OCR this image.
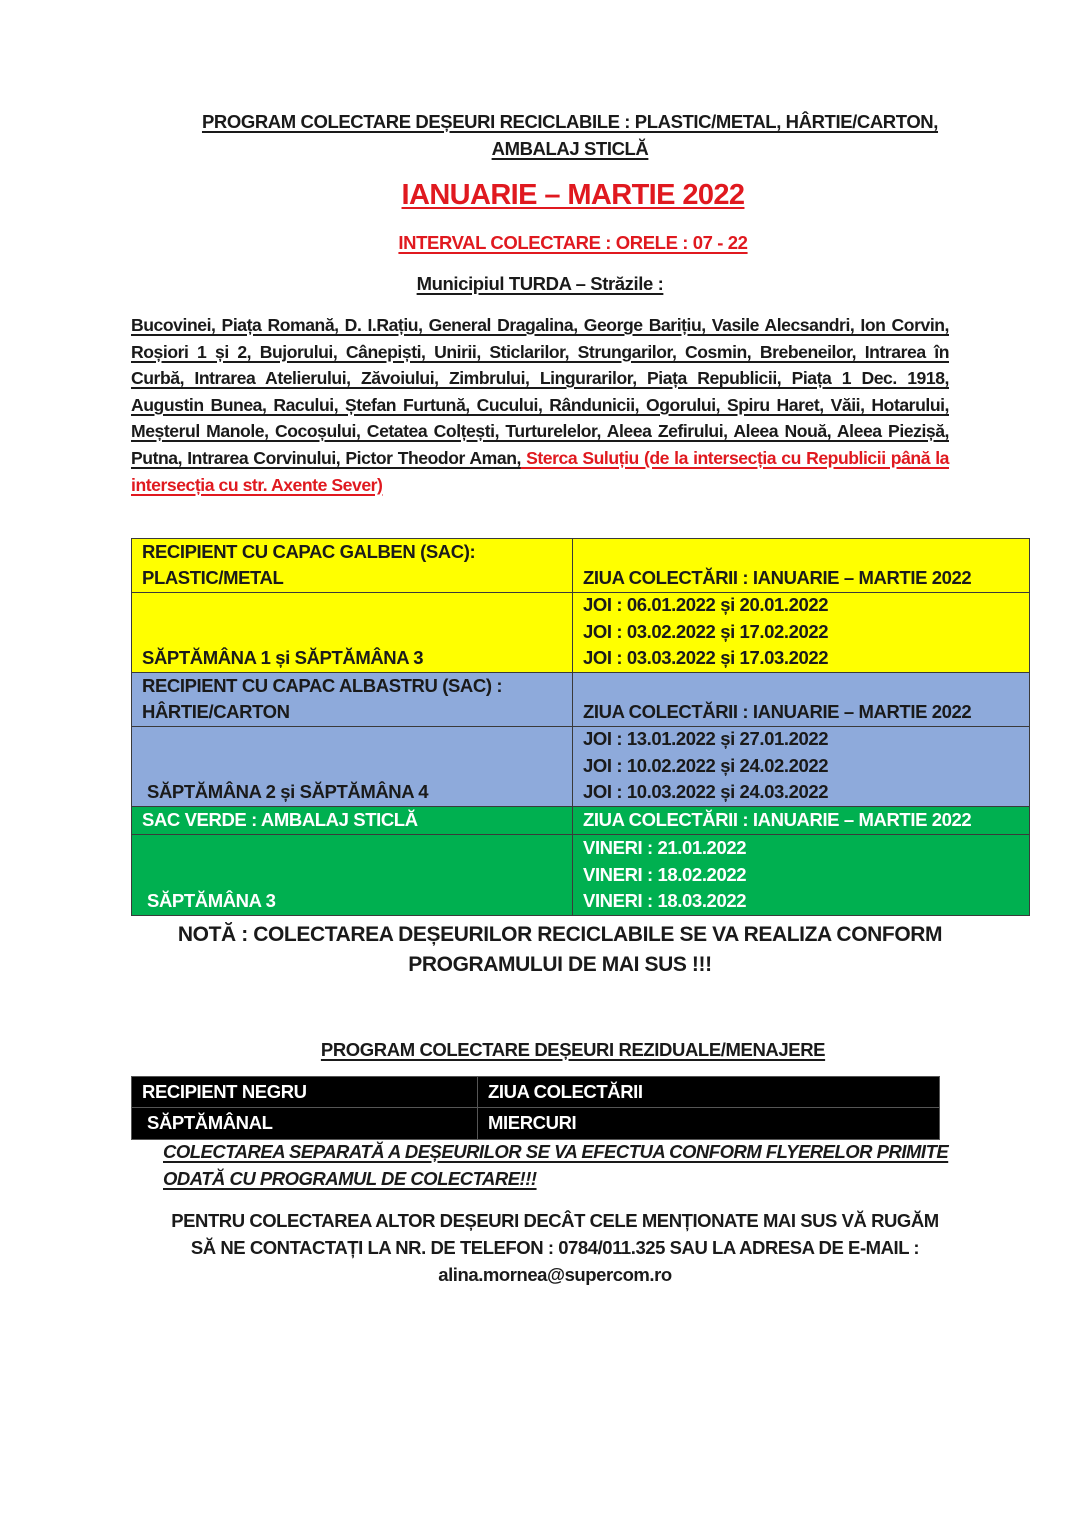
PROGRAM COLECTARE DEȘEURI RECICLABILE : PLASTIC/METAL, HÂRTIE/CARTON,
AMBALAJ STICLĂ
IANUARIE – MARTIE 2022
INTERVAL COLECTARE : ORELE : 07 - 22
Municipiul TURDA – Străzile :
Bucovinei, Piața Romană, D. I.Rațiu, General Dragalina, George Barițiu, Vasile Alecsandri, Ion Corvin, Roșiori 1 și 2, Bujorului, Cânepiști, Unirii, Sticlarilor, Strungarilor, Cosmin, Brebeneilor, Intrarea în Curbă, Intrarea Atelierului, Zăvoiului, Zimbrului, Lingurarilor, Piața Republicii, Piața 1 Dec. 1918, Augustin Bunea, Racului, Ștefan Furtună, Cucului, Rândunicii, Ogorului, Spiru Haret, Văii, Hotarului, Meșterul Manole, Cocoșului, Cetatea Colțești, Turturelelor, Aleea Zefirului, Aleea Nouă, Aleea Piezișă, Putna, Intrarea Corvinului, Pictor Theodor Aman, Sterca Suluțiu (de la intersecția cu Republicii până la intersecția cu str. Axente Sever)
RECIPIENT CU CAPAC GALBEN (SAC):
PLASTIC/METAL	ZIUA COLECTĂRII : IANUARIE – MARTIE 2022
SĂPTĂMÂNA 1 și SĂPTĂMÂNA 3
JOI : 06.01.2022 și 20.01.2022
JOI : 03.02.2022 și 17.02.2022
JOI : 03.03.2022 și 17.03.2022
RECIPIENT CU CAPAC ALBASTRU (SAC) :
HÂRTIE/CARTON	ZIUA COLECTĂRII : IANUARIE – MARTIE 2022
SĂPTĂMÂNA 2 și SĂPTĂMÂNA 4
JOI : 13.01.2022 și 27.01.2022
JOI : 10.02.2022 și 24.02.2022
JOI : 10.03.2022 și 24.03.2022
SAC VERDE : AMBALAJ STICLĂ	ZIUA COLECTĂRII : IANUARIE – MARTIE 2022
SĂPTĂMÂNA 3
VINERI : 21.01.2022
VINERI : 18.02.2022
VINERI : 18.03.2022
NOTĂ : COLECTAREA DEȘEURILOR RECICLABILE SE VA REALIZA CONFORM
PROGRAMULUI DE MAI SUS !!!
PROGRAM COLECTARE DEȘEURI REZIDUALE/MENAJERE
RECIPIENT NEGRU	ZIUA COLECTĂRII
SĂPTĂMÂNAL	MIERCURI
COLECTAREA SEPARATĂ A DEȘEURILOR SE VA EFECTUA CONFORM FLYERELOR PRIMITE
ODATĂ CU PROGRAMUL DE COLECTARE!!!
PENTRU COLECTAREA ALTOR DEȘEURI DECÂT CELE MENȚIONATE MAI SUS VĂ RUGĂM
SĂ NE CONTACTAȚI LA NR. DE TELEFON : 0784/011.325 SAU LA ADRESA DE E-MAIL :
alina.mornea@supercom.ro
